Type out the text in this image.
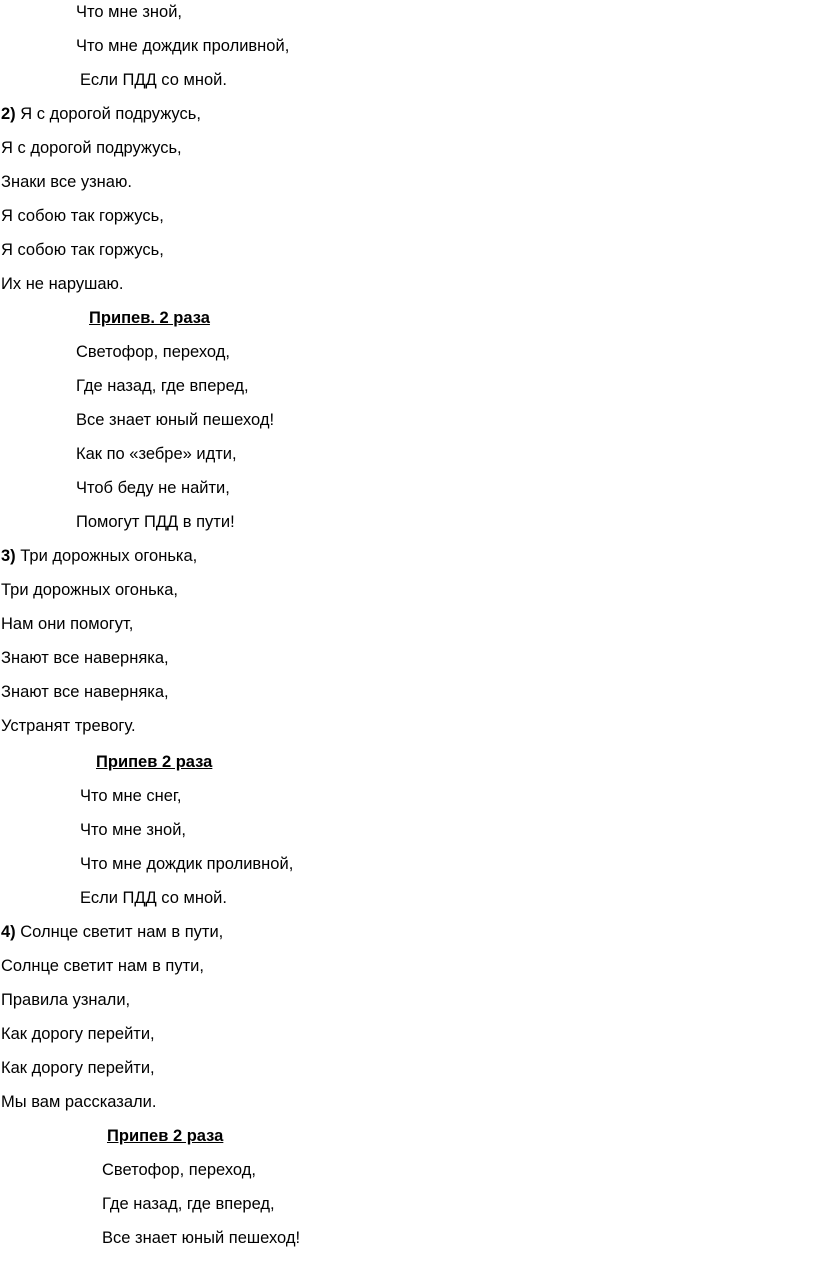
Что мне зной,

Что мне дождик проливной,

Если ПДД со мной.

2) Я с дорогой подружусь,

Я с дорогой подружусь,

Знаки все узнаю.

Я собою так горжусь,

Я собою так горжусь,

Их не нарушаю.

Припев. 2 раза

Светофор, переход,

Где назад, где вперед,

Все знает юный пешеход!

Как по «зебре» идти,

Чтоб беду не найти,

Помогут ПДД в пути!

3) Три дорожных огонька,

Три дорожных огонька,

Нам они помогут,

Знают все наверняка,

Знают все наверняка,

Устранят тревогу.

Припев 2 раза

Что мне снег,

Что мне зной,

Что мне дождик проливной,

Если ПДД со мной.

4) Солнце светит нам в пути,

Солнце светит нам в пути,

Правила узнали,

Как дорогу перейти,

Как дорогу перейти,

Мы вам рассказали.

Припев 2 раза

Светофор, переход,

Где назад, где вперед,

Все знает юный пешеход!
